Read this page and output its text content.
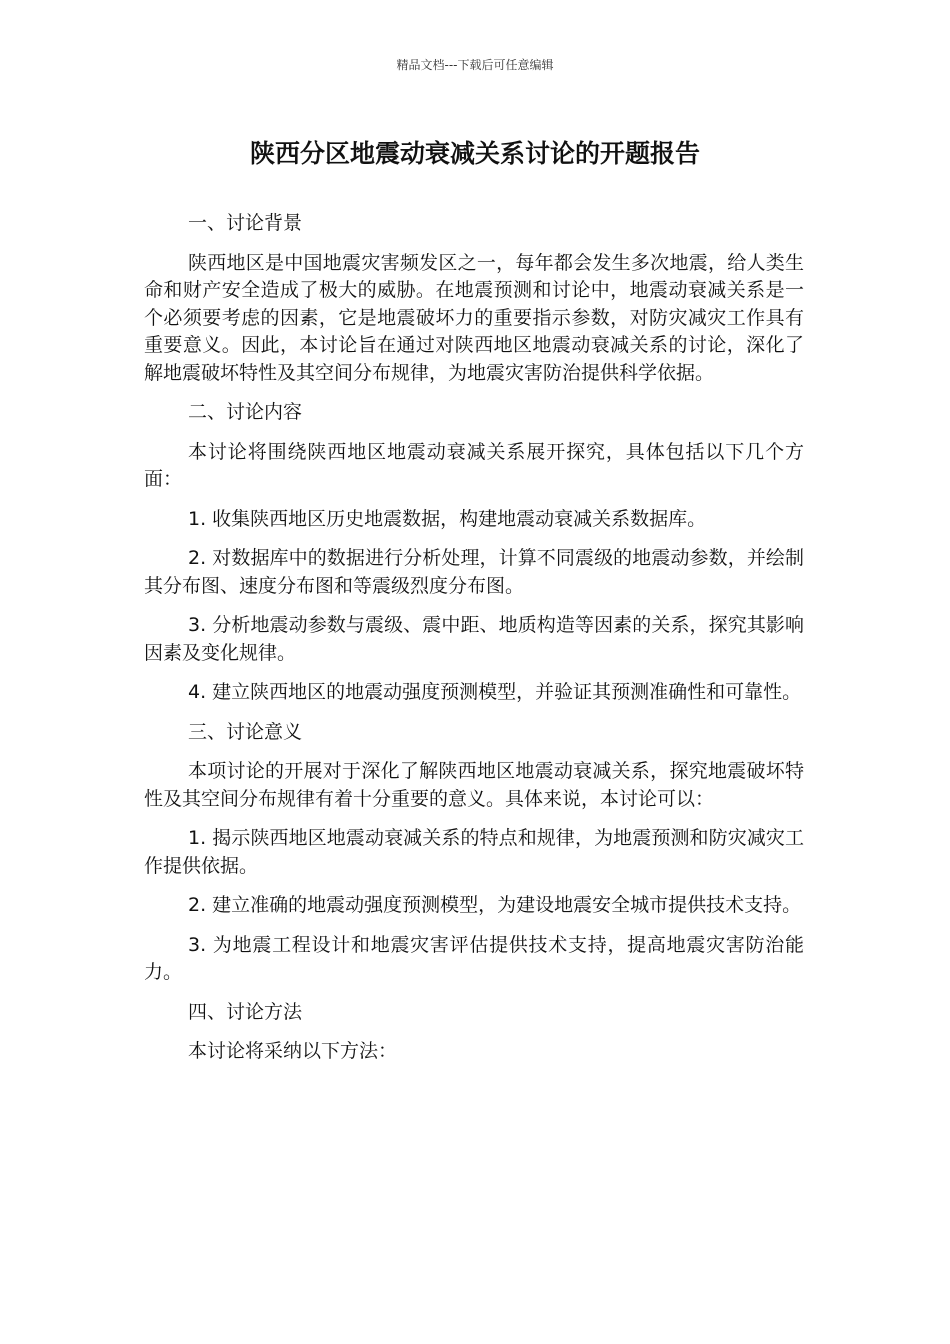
精品文档---下载后可任意编辑
陕西分区地震动衰减关系讨论的开题报告

一、讨论背景

陕西地区是中国地震灾害频发区之一，每年都会发生多次地震，给人类生命和财产安全造成了极大的威胁。在地震预测和讨论中，地震动衰减关系是一个必须要考虑的因素，它是地震破坏力的重要指示参数，对防灾减灾工作具有重要意义。因此，本讨论旨在通过对陕西地区地震动衰减关系的讨论，深化了解地震破坏特性及其空间分布规律，为地震灾害防治提供科学依据。

二、讨论内容

本讨论将围绕陕西地区地震动衰减关系展开探究，具体包括以下几个方面：

1. 收集陕西地区历史地震数据，构建地震动衰减关系数据库。

2. 对数据库中的数据进行分析处理，计算不同震级的地震动参数，并绘制其分布图、速度分布图和等震级烈度分布图。

3. 分析地震动参数与震级、震中距、地质构造等因素的关系，探究其影响因素及变化规律。

4. 建立陕西地区的地震动强度预测模型，并验证其预测准确性和可靠性。

三、讨论意义

本项讨论的开展对于深化了解陕西地区地震动衰减关系，探究地震破坏特性及其空间分布规律有着十分重要的意义。具体来说，本讨论可以：

1. 揭示陕西地区地震动衰减关系的特点和规律，为地震预测和防灾减灾工作提供依据。

2. 建立准确的地震动强度预测模型，为建设地震安全城市提供技术支持。

3. 为地震工程设计和地震灾害评估提供技术支持，提高地震灾害防治能力。

四、讨论方法

本讨论将采纳以下方法：
